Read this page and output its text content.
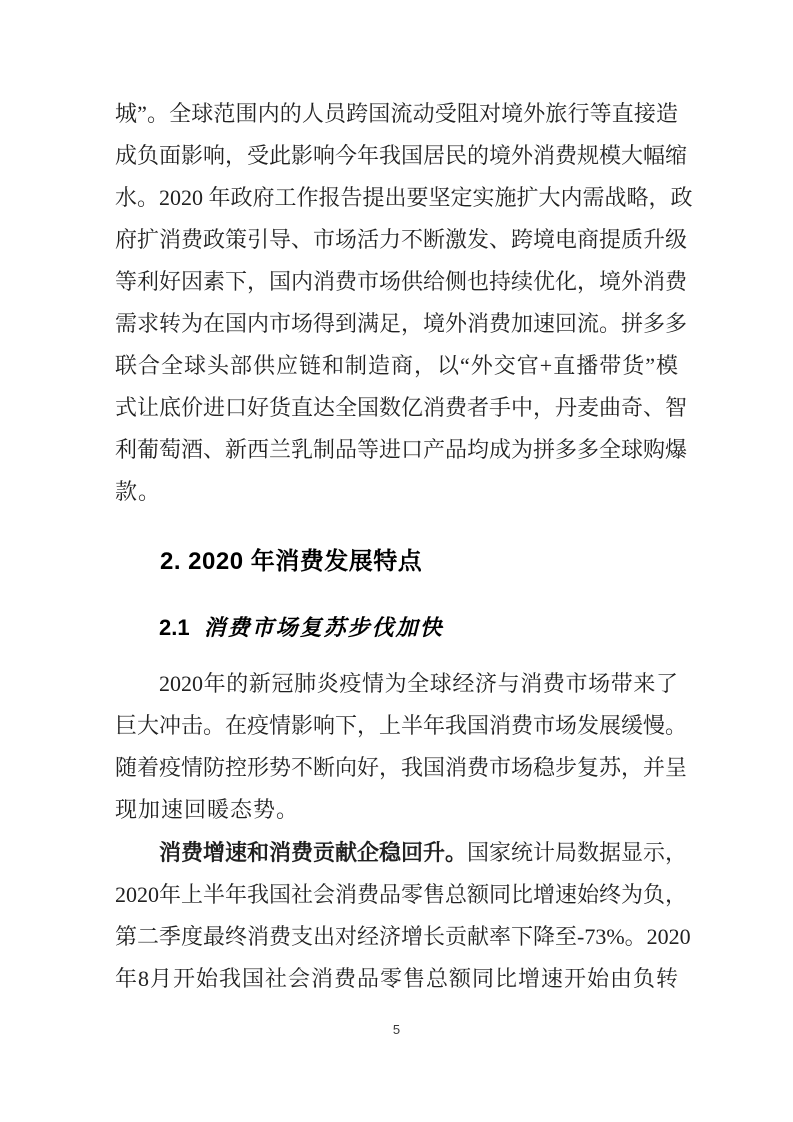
城”。全球范围内的人员跨国流动受阻对境外旅行等直接造
成负面影响，受此影响今年我国居民的境外消费规模大幅缩
水。2020 年政府工作报告提出要坚定实施扩大内需战略，政
府扩消费政策引导、市场活力不断激发、跨境电商提质升级
等利好因素下，国内消费市场供给侧也持续优化，境外消费
需求转为在国内市场得到满足，境外消费加速回流。拼多多
联合全球头部供应链和制造商，以“外交官+直播带货”模
式让底价进口好货直达全国数亿消费者手中，丹麦曲奇、智
利葡萄酒、新西兰乳制品等进口产品均成为拼多多全球购爆
款。
2. 2020 年消费发展特点
2.1 消费市场复苏步伐加快
2020年的新冠肺炎疫情为全球经济与消费市场带来了
巨大冲击。在疫情影响下，上半年我国消费市场发展缓慢。
随着疫情防控形势不断向好，我国消费市场稳步复苏，并呈
现加速回暖态势。
消费增速和消费贡献企稳回升。国家统计局数据显示，
2020年上半年我国社会消费品零售总额同比增速始终为负，
第二季度最终消费支出对经济增长贡献率下降至-73%。2020
年8月开始我国社会消费品零售总额同比增速开始由负转
5
